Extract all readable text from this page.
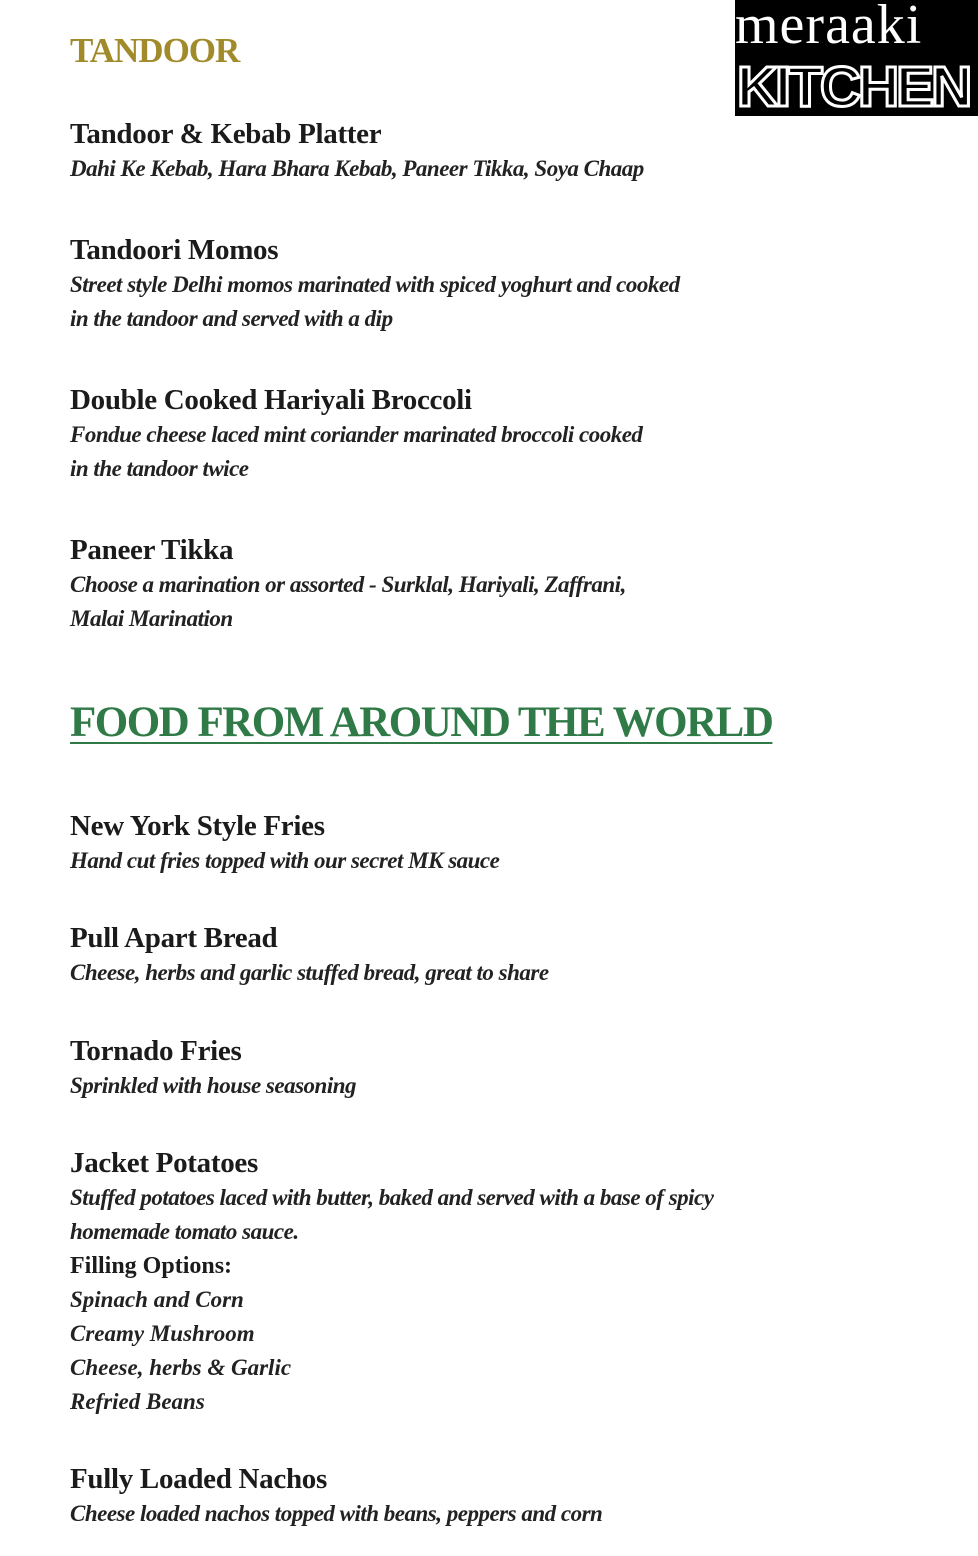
meraaki
KITCHEN
TANDOOR
Tandoor & Kebab Platter
Dahi Ke Kebab, Hara Bhara Kebab, Paneer Tikka, Soya Chaap
Tandoori Momos
Street style Delhi momos marinated with spiced yoghurt and cooked
in the tandoor and served with a dip
Double Cooked Hariyali Broccoli
Fondue cheese laced mint coriander marinated broccoli cooked
in the tandoor twice
Paneer Tikka
Choose a marination or assorted - Surklal, Hariyali, Zaffrani,
Malai Marination
FOOD FROM AROUND THE WORLD
New York Style Fries
Hand cut fries topped with our secret MK sauce
Pull Apart Bread
Cheese, herbs and garlic stuffed bread, great to share
Tornado Fries
Sprinkled with house seasoning
Jacket Potatoes
Stuffed potatoes laced with butter, baked and served with a base of spicy
homemade tomato sauce.
Filling Options:
Spinach and Corn
Creamy Mushroom
Cheese, herbs & Garlic
Refried Beans
Fully Loaded Nachos
Cheese loaded nachos topped with beans, peppers and corn
